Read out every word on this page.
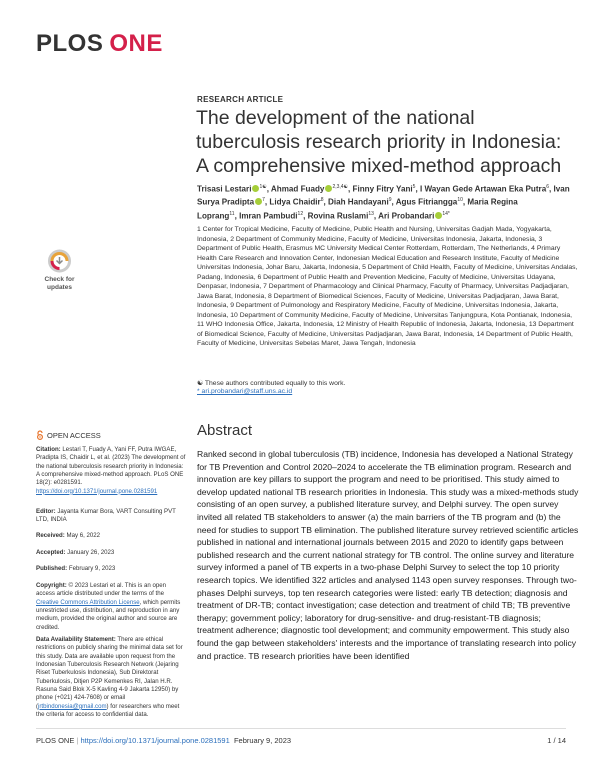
PLOS ONE
RESEARCH ARTICLE
The development of the national tuberculosis research priority in Indonesia: A comprehensive mixed-method approach
Trisasi Lestari $^{1☯}$, Ahmad Fuady $^{2,3,4☯}$, Finny Fitry Yani$^5$, I Wayan Gede Artawan Eka Putra$^6$, Ivan Surya Pradipta $^7$, Lidya Chaidir$^8$, Diah Handayani$^9$, Agus Fitriangga$^{10}$, Maria Regina Loprang$^{11}$, Imran Pambudi$^{12}$, Rovina Ruslami$^{13}$, Ari Probandari $^{14*}$
1 Center for Tropical Medicine, Faculty of Medicine, Public Health and Nursing, Universitas Gadjah Mada, Yogyakarta, Indonesia, 2 Department of Community Medicine, Faculty of Medicine, Universitas Indonesia, Jakarta, Indonesia, 3 Department of Public Health, Erasmus MC University Medical Center Rotterdam, Rotterdam, The Netherlands, 4 Primary Health Care Research and Innovation Center, Indonesian Medical Education and Research Institute, Faculty of Medicine Universitas Indonesia, Johar Baru, Jakarta, Indonesia, 5 Department of Child Health, Faculty of Medicine, Universitas Andalas, Padang, Indonesia, 6 Department of Public Health and Prevention Medicine, Faculty of Medicine, Universitas Udayana, Denpasar, Indonesia, 7 Department of Pharmacology and Clinical Pharmacy, Faculty of Pharmacy, Universitas Padjadjaran, Jawa Barat, Indonesia, 8 Department of Biomedical Sciences, Faculty of Medicine, Universitas Padjadjaran, Jawa Barat, Indonesia, 9 Department of Pulmonology and Respiratory Medicine, Faculty of Medicine, Universitas Indonesia, Jakarta, Indonesia, 10 Department of Community Medicine, Faculty of Medicine, Universitas Tanjungpura, Kota Pontianak, Indonesia, 11 WHO Indonesia Office, Jakarta, Indonesia, 12 Ministry of Health Republic of Indonesia, Jakarta, Indonesia, 13 Department of Biomedical Science, Faculty of Medicine, Universitas Padjadjaran, Jawa Barat, Indonesia, 14 Department of Public Health, Faculty of Medicine, Universitas Sebelas Maret, Jawa Tengah, Indonesia
☯ These authors contributed equally to this work.
* ari.probandari@staff.uns.ac.id
Abstract

Ranked second in global tuberculosis (TB) incidence, Indonesia has developed a National Strategy for TB Prevention and Control 2020–2024 to accelerate the TB elimination program. Research and innovation are key pillars to support the program and need to be prioritised. This study aimed to develop updated national TB research priorities in Indonesia. This study was a mixed-methods study consisting of an open survey, a published literature survey, and Delphi survey. The open survey invited all related TB stakeholders to answer (a) the main barriers of the TB program and (b) the need for studies to support TB elimination. The published literature survey retrieved scientific articles published in national and international journals between 2015 and 2020 to identify gaps between published research and the current national strategy for TB control. The online survey and literature survey informed a panel of TB experts in a two-phase Delphi Survey to select the top 10 priority research topics. We identified 322 articles and analysed 1143 open survey responses. Through two-phases Delphi surveys, top ten research categories were listed: early TB detection; diagnosis and treatment of DR-TB; contact investigation; case detection and treatment of child TB; TB preventive therapy; government policy; laboratory for drug-sensitive- and drug-resistant-TB diagnosis; treatment adherence; diagnostic tool development; and community empowerment. This study also found the gap between stakeholders' interests and the importance of translating research into policy and practice. TB research priorities have been identified

Check for updates
OPEN ACCESS
Citation: Lestari T, Fuady A, Yani FF, Putra IWGAE, Pradipta IS, Chaidir L, et al. (2023) The development of the national tuberculosis research priority in Indonesia: A comprehensive mixed-method approach. PLoS ONE 18(2): e0281591. https://doi.org/10.1371/journal.pone.0281591
Editor: Jayanta Kumar Bora, VART Consulting PVT LTD, INDIA
Received: May 6, 2022
Accepted: January 26, 2023
Published: February 9, 2023
Copyright: © 2023 Lestari et al. This is an open access article distributed under the terms of the Creative Commons Attribution License, which permits unrestricted use, distribution, and reproduction in any medium, provided the original author and source are credited.
Data Availability Statement: There are ethical restrictions on publicly sharing the minimal data set for this study. Data are available upon request from the Indonesian Tuberculosis Research Network (Jejaring Riset Tuberkulosis Indonesia), Sub Direktorat Tuberkulosis, Ditjen P2P Kemenkes RI, Jalan H.R. Rasuna Said Blok X-5 Kavling 4-9 Jakarta 12950) by phone (+021) 424-7608) or email (jrtbindonesia@gmail.com) for researchers who meet the criteria for access to confidential data.
PLOS ONE | https://doi.org/10.1371/journal.pone.0281591 February 9, 2023	1 / 14
